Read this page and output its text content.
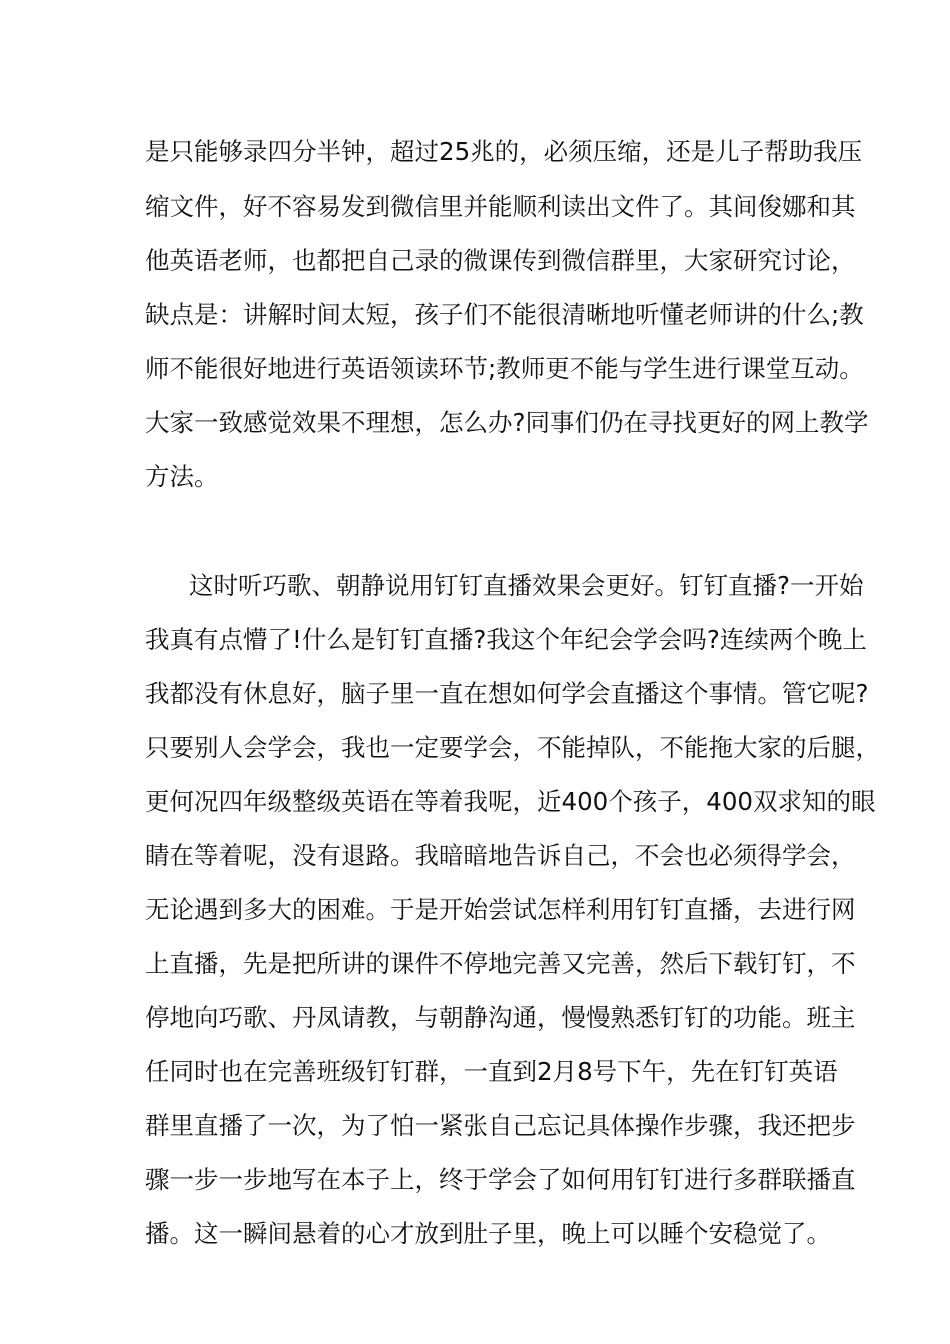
是只能够录四分半钟，超过25兆的，必须压缩，还是儿子帮助我压
缩文件，好不容易发到微信里并能顺利读出文件了。其间俊娜和其
他英语老师，也都把自己录的微课传到微信群里，大家研究讨论，
缺点是：讲解时间太短，孩子们不能很清晰地听懂老师讲的什么;教
师不能很好地进行英语领读环节;教师更不能与学生进行课堂互动。
大家一致感觉效果不理想，怎么办?同事们仍在寻找更好的网上教学
方法。
这时听巧歌、朝静说用钉钉直播效果会更好。钉钉直播?一开始
我真有点懵了!什么是钉钉直播?我这个年纪会学会吗?连续两个晚上
我都没有休息好，脑子里一直在想如何学会直播这个事情。管它呢?
只要别人会学会，我也一定要学会，不能掉队，不能拖大家的后腿，
更何况四年级整级英语在等着我呢，近400个孩子，400双求知的眼
睛在等着呢，没有退路。我暗暗地告诉自己，不会也必须得学会，
无论遇到多大的困难。于是开始尝试怎样利用钉钉直播，去进行网
上直播，先是把所讲的课件不停地完善又完善，然后下载钉钉，不
停地向巧歌、丹凤请教，与朝静沟通，慢慢熟悉钉钉的功能。班主
任同时也在完善班级钉钉群，一直到2月8号下午，先在钉钉英语
群里直播了一次，为了怕一紧张自己忘记具体操作步骤，我还把步
骤一步一步地写在本子上，终于学会了如何用钉钉进行多群联播直
播。这一瞬间悬着的心才放到肚子里，晚上可以睡个安稳觉了。
